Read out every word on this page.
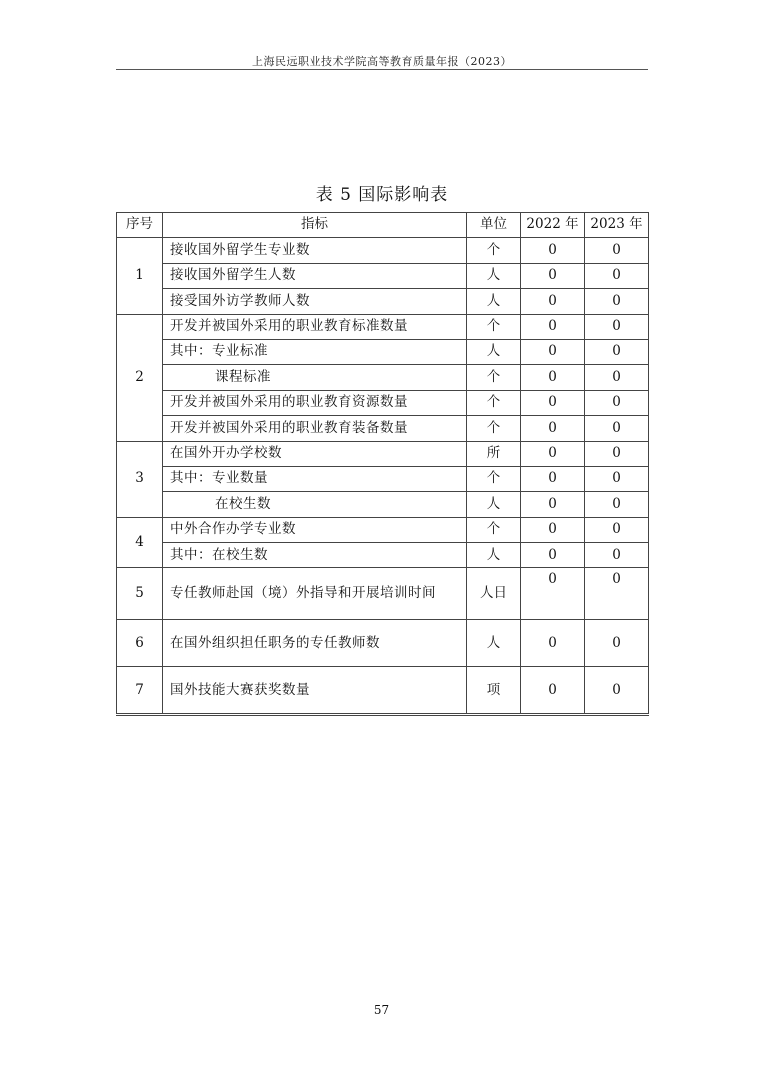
上海民远职业技术学院高等教育质量年报（2023）
表 5 国际影响表
序号	指标	单位	2022 年	2023 年
1	接收国外留学生专业数	个	0	0
	接收国外留学生人数	人	0	0
	接受国外访学教师人数	人	0	0
2	开发并被国外采用的职业教育标准数量	个	0	0
	其中：专业标准	人	0	0
	课程标准	个	0	0
	开发并被国外采用的职业教育资源数量	个	0	0
	开发并被国外采用的职业教育装备数量	个	0	0
3	在国外开办学校数	所	0	0
	其中：专业数量	个	0	0
	在校生数	人	0	0
4	中外合作办学专业数	个	0	0
	其中：在校生数	人	0	0
5	专任教师赴国（境）外指导和开展培训时间	人日	0	0
6	在国外组织担任职务的专任教师数	人	0	0
7	国外技能大赛获奖数量	项	0	0
57
